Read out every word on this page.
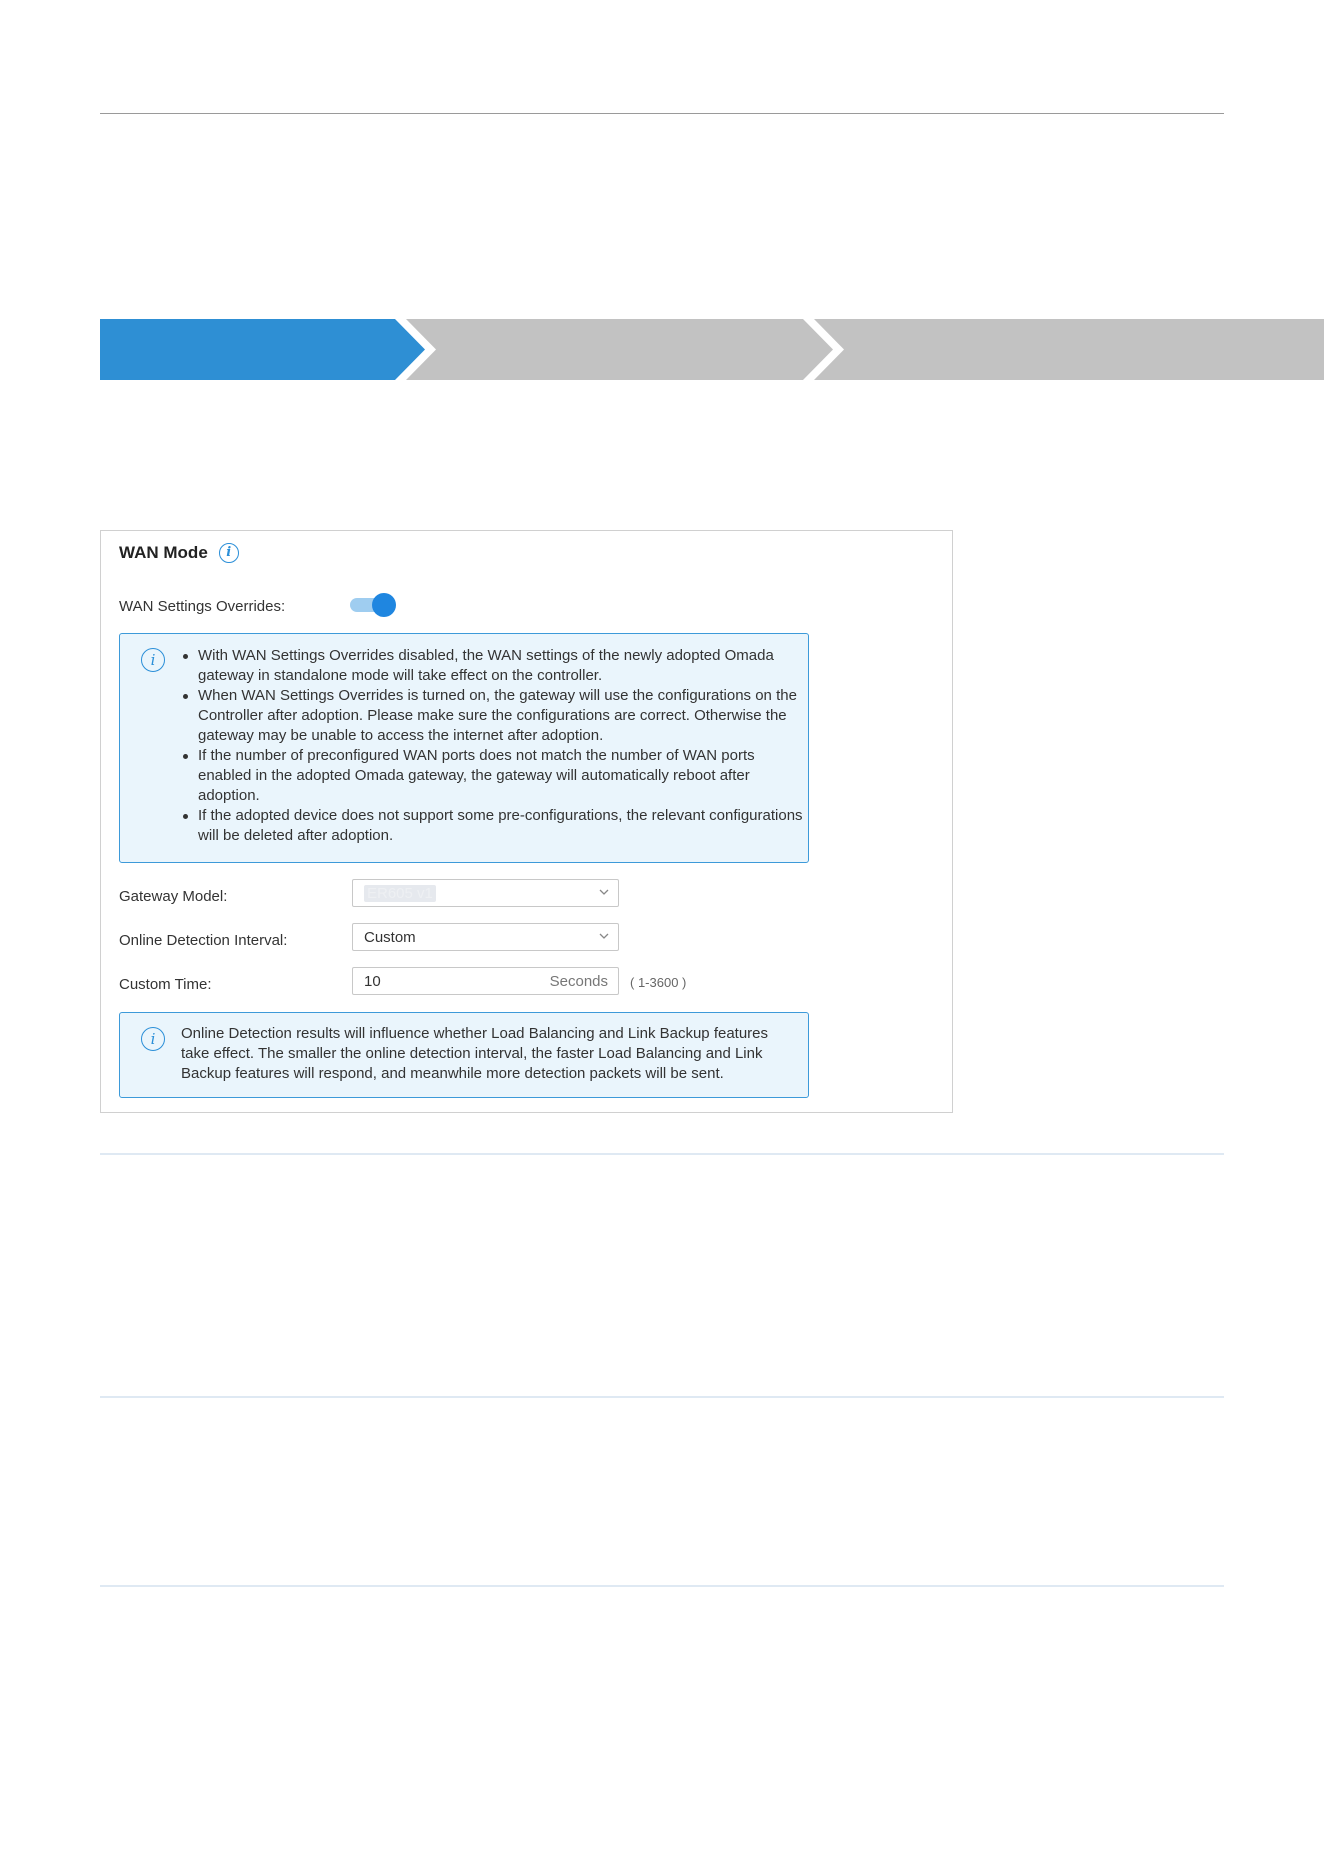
WAN Mode	i
WAN Settings Overrides:
i	With WAN Settings Overrides disabled, the WAN settings of the newly adopted Omada gateway in standalone mode will take effect on the controller.
When WAN Settings Overrides is turned on, the gateway will use the configurations on the Controller after adoption. Please make sure the configurations are correct. Otherwise the gateway may be unable to access the internet after adoption.
If the number of preconfigured WAN ports does not match the number of WAN ports enabled in the adopted Omada gateway, the gateway will automatically reboot after adoption.
If the adopted device does not support some pre-configurations, the relevant configurations will be deleted after adoption.
Gateway Model:	ER605 v1
Online Detection Interval:	Custom
Custom Time:	10	Seconds ( 1-3600 )
i	Online Detection results will influence whether Load Balancing and Link Backup features take effect. The smaller the online detection interval, the faster Load Balancing and Link Backup features will respond, and meanwhile more detection packets will be sent.
